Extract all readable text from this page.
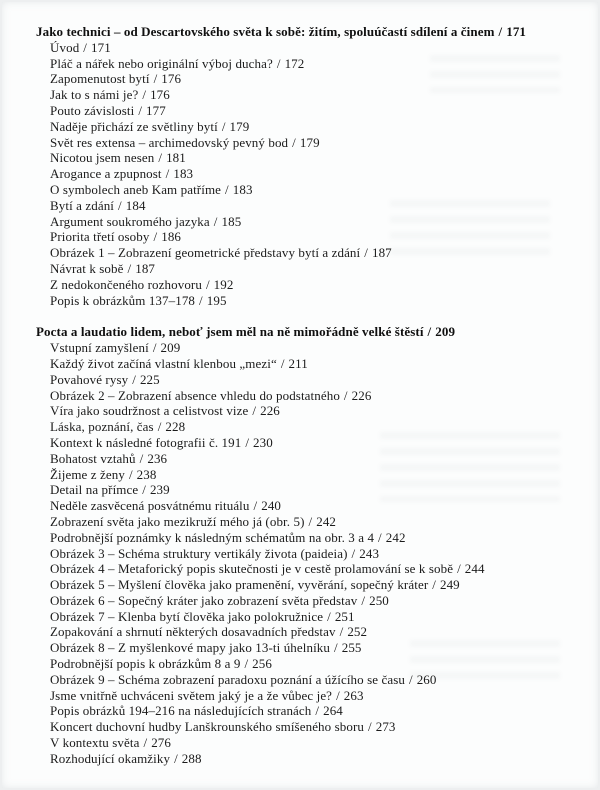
Jako technici – od Descartovského světa k sobě: žitím, spoluúčastí sdílení a činem / 171
Úvod / 171
Pláč a nářek nebo originální výboj ducha? / 172
Zapomenutost bytí / 176
Jak to s námi je? / 176
Pouto závislosti / 177
Naděje přichází ze světliny bytí / 179
Svět res extensa – archimedovský pevný bod / 179
Nicotou jsem nesen / 181
Arogance a zpupnost / 183
O symbolech aneb Kam patříme / 183
Bytí a zdání / 184
Argument soukromého jazyka / 185
Priorita třetí osoby / 186
Obrázek 1 – Zobrazení geometrické představy bytí a zdání / 187
Návrat k sobě / 187
Z nedokončeného rozhovoru / 192
Popis k obrázkům 137–178 / 195
Pocta a laudatio lidem, neboť jsem měl na ně mimořádně velké štěstí / 209
Vstupní zamyšlení / 209
Každý život začíná vlastní klenbou „mezi“ / 211
Povahové rysy / 225
Obrázek 2 – Zobrazení absence vhledu do podstatného / 226
Víra jako soudržnost a celistvost vize / 226
Láska, poznání, čas / 228
Kontext k následné fotografii č. 191 / 230
Bohatost vztahů / 236
Žijeme z ženy / 238
Detail na přímce / 239
Neděle zasvěcená posvátnému rituálu / 240
Zobrazení světa jako mezikruží mého já (obr. 5) / 242
Podrobnější poznámky k následným schématům na obr. 3 a 4 / 242
Obrázek 3 – Schéma struktury vertikály života (paideia) / 243
Obrázek 4 – Metaforický popis skutečnosti je v cestě prolamování se k sobě / 244
Obrázek 5 – Myšlení člověka jako pramenění, vyvěrání, sopečný kráter / 249
Obrázek 6 – Sopečný kráter jako zobrazení světa představ / 250
Obrázek 7 – Klenba bytí člověka jako polokružnice / 251
Zopakování a shrnutí některých dosavadních představ / 252
Obrázek 8 – Z myšlenkové mapy jako 13-ti úhelníku / 255
Podrobnější popis k obrázkům 8 a 9 / 256
Obrázek 9 – Schéma zobrazení paradoxu poznání a úžícího se času / 260
Jsme vnitřně uchváceni světem jaký je a že vůbec je? / 263
Popis obrázků 194–216 na následujících stranách / 264
Koncert duchovní hudby Lanškrounského smíšeného sboru / 273
V kontextu světa / 276
Rozhodující okamžiky / 288
